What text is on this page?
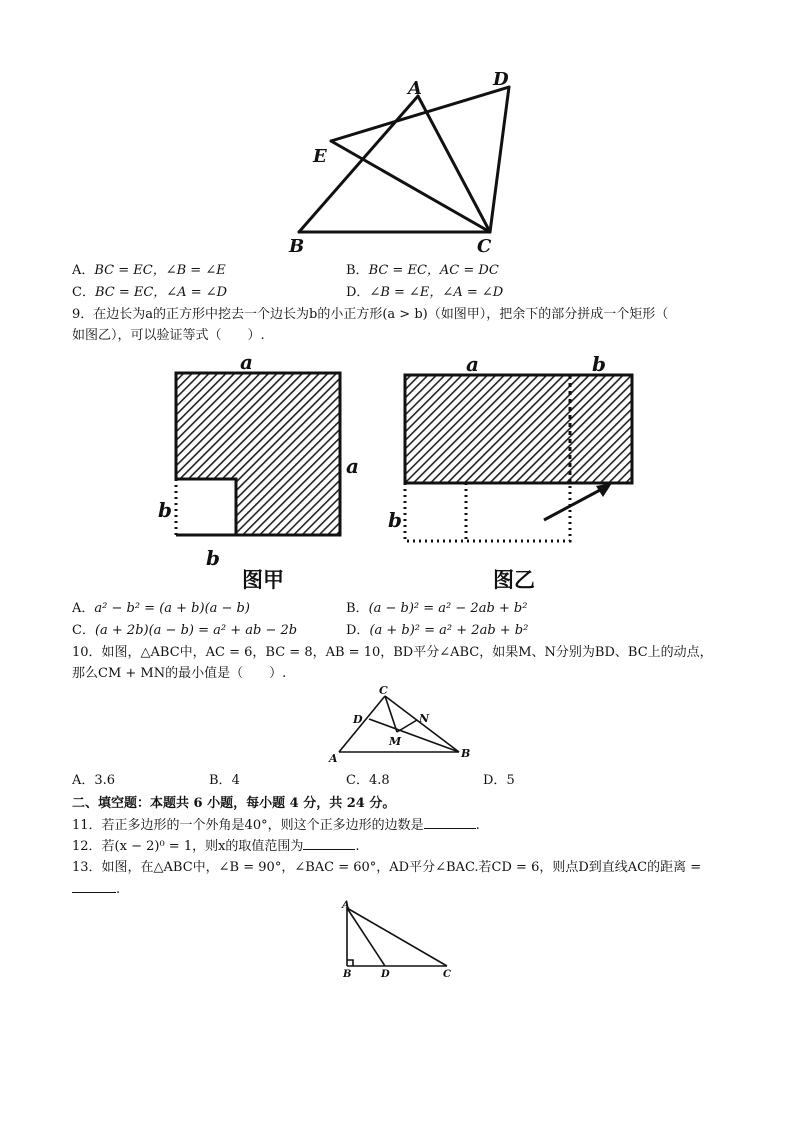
A	D
E
B	C
A．BC = EC，∠B = ∠E	B．BC = EC，AC = DC
C．BC = EC，∠A = ∠D	D．∠B = ∠E，∠A = ∠D
9．在边长为a的正方形中挖去一个边长为b的小正方形(a > b)（如图甲），把余下的部分拼成一个矩形（
如图乙），可以验证等式（　　）.
a
a
b
b
a	b
b
图甲	图乙
A．a² − b² = (a + b)(a − b)	B．(a − b)² = a² − 2ab + b²
C．(a + 2b)(a − b) = a² + ab − 2b	D．(a + b)² = a² + 2ab + b²
10．如图，△ABC中，AC = 6，BC = 8，AB = 10，BD平分∠ABC，如果M、N分别为BD、BC上的动点，
那么CM + MN的最小值是（　　）.
C
D	N
M
A	B
A．3.6	B．4	C．4.8	D．5
二、填空题：本题共 6 小题，每小题 4 分，共 24 分。
11．若正多边形的一个外角是40°，则这个正多边形的边数是	.
12．若(x − 2)⁰ = 1，则x的取值范围为	.
13．如图，在△ABC中，∠B = 90°，∠BAC = 60°，AD平分∠BAC.若CD = 6，则点D到直线AC的距离 =
.
A
B	D	C
